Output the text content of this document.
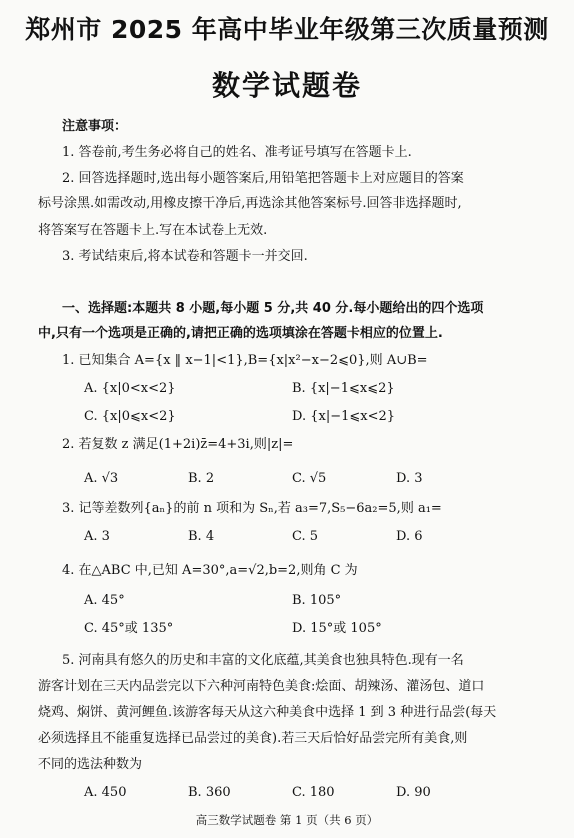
郑州市 2025 年高中毕业年级第三次质量预测
数学试题卷
注意事项：
1. 答卷前,考生务必将自己的姓名、准考证号填写在答题卡上.
2. 回答选择题时,选出每小题答案后,用铅笔把答题卡上对应题目的答案
标号涂黑.如需改动,用橡皮擦干净后,再选涂其他答案标号.回答非选择题时,
将答案写在答题卡上.写在本试卷上无效.
3. 考试结束后,将本试卷和答题卡一并交回.
一、选择题:本题共 8 小题,每小题 5 分,共 40 分.每小题给出的四个选项
中,只有一个选项是正确的,请把正确的选项填涂在答题卡相应的位置上.
1. 已知集合 A={x ‖ x−1|<1},B={x|x²−x−2⩽0},则 A∪B=
A. {x|0<x<2}	B. {x|−1⩽x⩽2}
C. {x|0⩽x<2}	D. {x|−1⩽x<2}
2. 若复数 z 满足(1+2i)z̄=4+3i,则|z|=
A. √3	B. 2	C. √5	D. 3
3. 记等差数列{aₙ}的前 n 项和为 Sₙ,若 a₃=7,S₅−6a₂=5,则 a₁=
A. 3	B. 4	C. 5	D. 6
4. 在△ABC 中,已知 A=30°,a=√2,b=2,则角 C 为
A. 45°	B. 105°
C. 45°或 135°	D. 15°或 105°
5. 河南具有悠久的历史和丰富的文化底蕴,其美食也独具特色.现有一名
游客计划在三天内品尝完以下六种河南特色美食:烩面、胡辣汤、灌汤包、道口
烧鸡、焖饼、黄河鲤鱼.该游客每天从这六种美食中选择 1 到 3 种进行品尝(每天
必须选择且不能重复选择已品尝过的美食).若三天后恰好品尝完所有美食,则
不同的选法种数为
A. 450	B. 360	C. 180	D. 90
高三数学试题卷 第 1 页（共 6 页）
